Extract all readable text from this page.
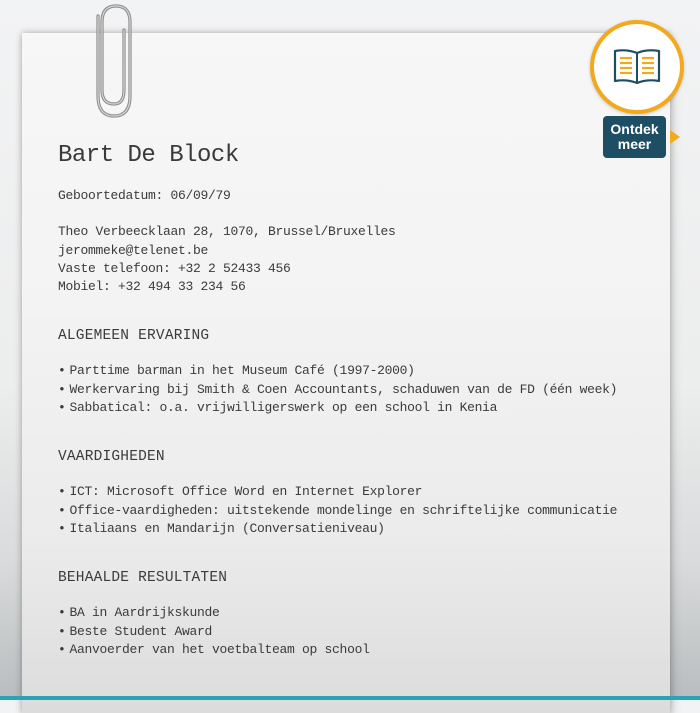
Bart De Block
Geboortedatum: 06/09/79
Theo Verbeecklaan 28, 1070, Brussel/Bruxelles
jerommeke@telenet.be
Vaste telefoon: +32 2 52433 456
Mobiel: +32 494 33 234 56
ALGEMEEN ERVARING
• Parttime barman in het Museum Café (1997-2000)
• Werkervaring bij Smith & Coen Accountants, schaduwen van de FD (één week)
• Sabbatical: o.a. vrijwilligerswerk op een school in Kenia
VAARDIGHEDEN
• ICT: Microsoft Office Word en Internet Explorer
• Office-vaardigheden: uitstekende mondelinge en schriftelijke communicatie
• Italiaans en Mandarijn (Conversatieniveau)
BEHAALDE RESULTATEN
• BA in Aardrijkskunde
• Beste Student Award
• Aanvoerder van het voetbalteam op school
Ontdek
meer
